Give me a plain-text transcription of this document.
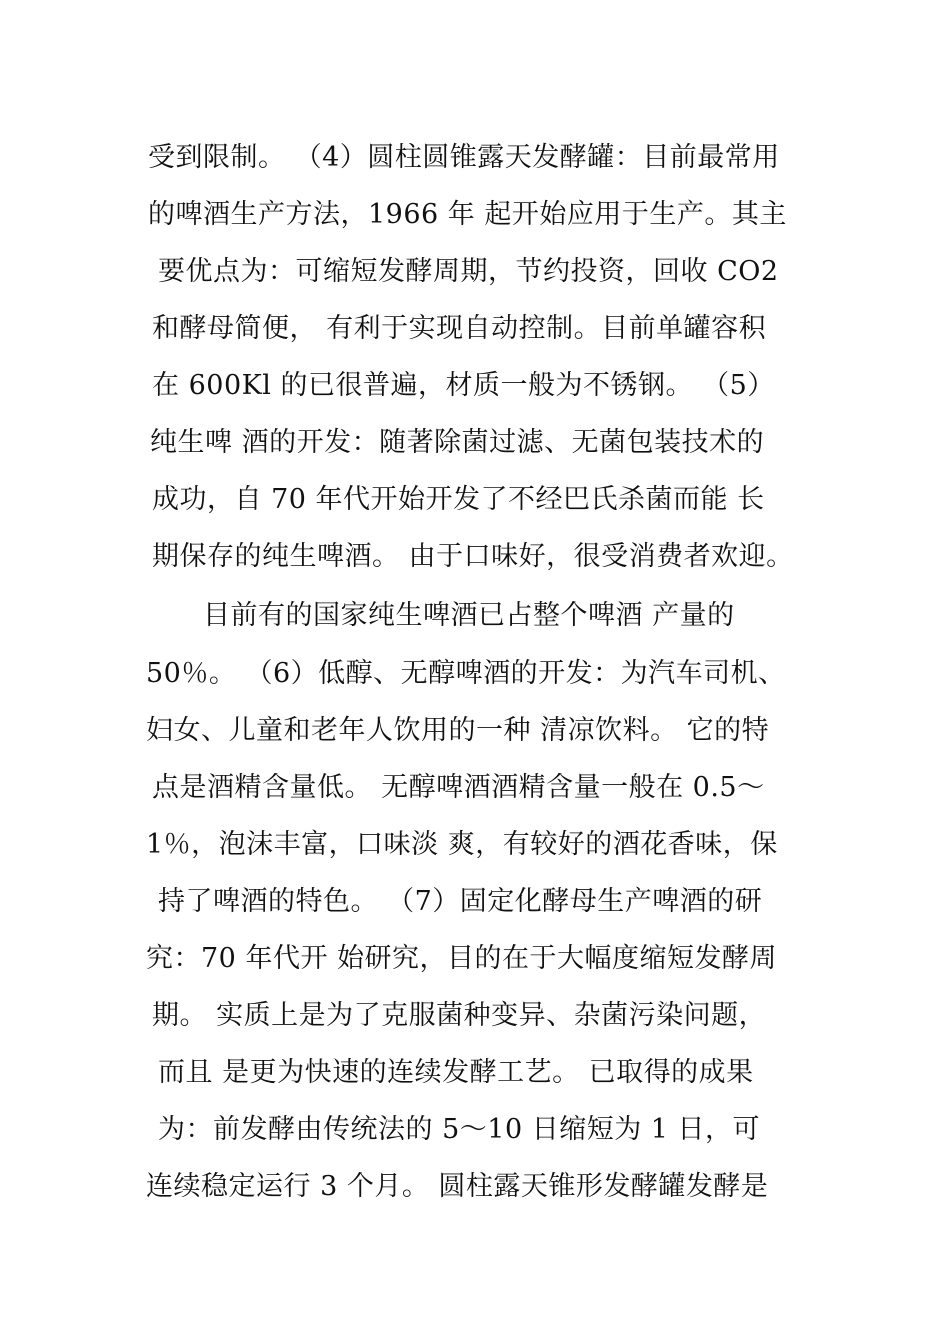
受到限制。 （4）圆柱圆锥露天发酵罐：目前最常用
的啤酒生产方法，1966 年 起开始应用于生产。其主
要优点为：可缩短发酵周期，节约投资，回收 CO2
和酵母简便， 有利于实现自动控制。目前单罐容积
在 600Kl 的已很普遍，材质一般为不锈钢。 （5）
纯生啤 酒的开发：随著除菌过滤、无菌包装技术的
成功，自 70 年代开始开发了不经巴氏杀菌而能 长
期保存的纯生啤酒。 由于口味好，很受消费者欢迎。
目前有的国家纯生啤酒已占整个啤酒 产量的
50％。 （6）低醇、无醇啤酒的开发：为汽车司机、
妇女、儿童和老年人饮用的一种 清凉饮料。 它的特
点是酒精含量低。 无醇啤酒酒精含量一般在 0.5～
1％，泡沫丰富，口味淡 爽，有较好的酒花香味，保
持了啤酒的特色。 （7）固定化酵母生产啤酒的研
究：70 年代开 始研究，目的在于大幅度缩短发酵周
期。 实质上是为了克服菌种变异、杂菌污染问题，
而且 是更为快速的连续发酵工艺。 已取得的成果
为：前发酵由传统法的 5～10 日缩短为 1 日，可
连续稳定运行 3 个月。 圆柱露天锥形发酵罐发酵是
